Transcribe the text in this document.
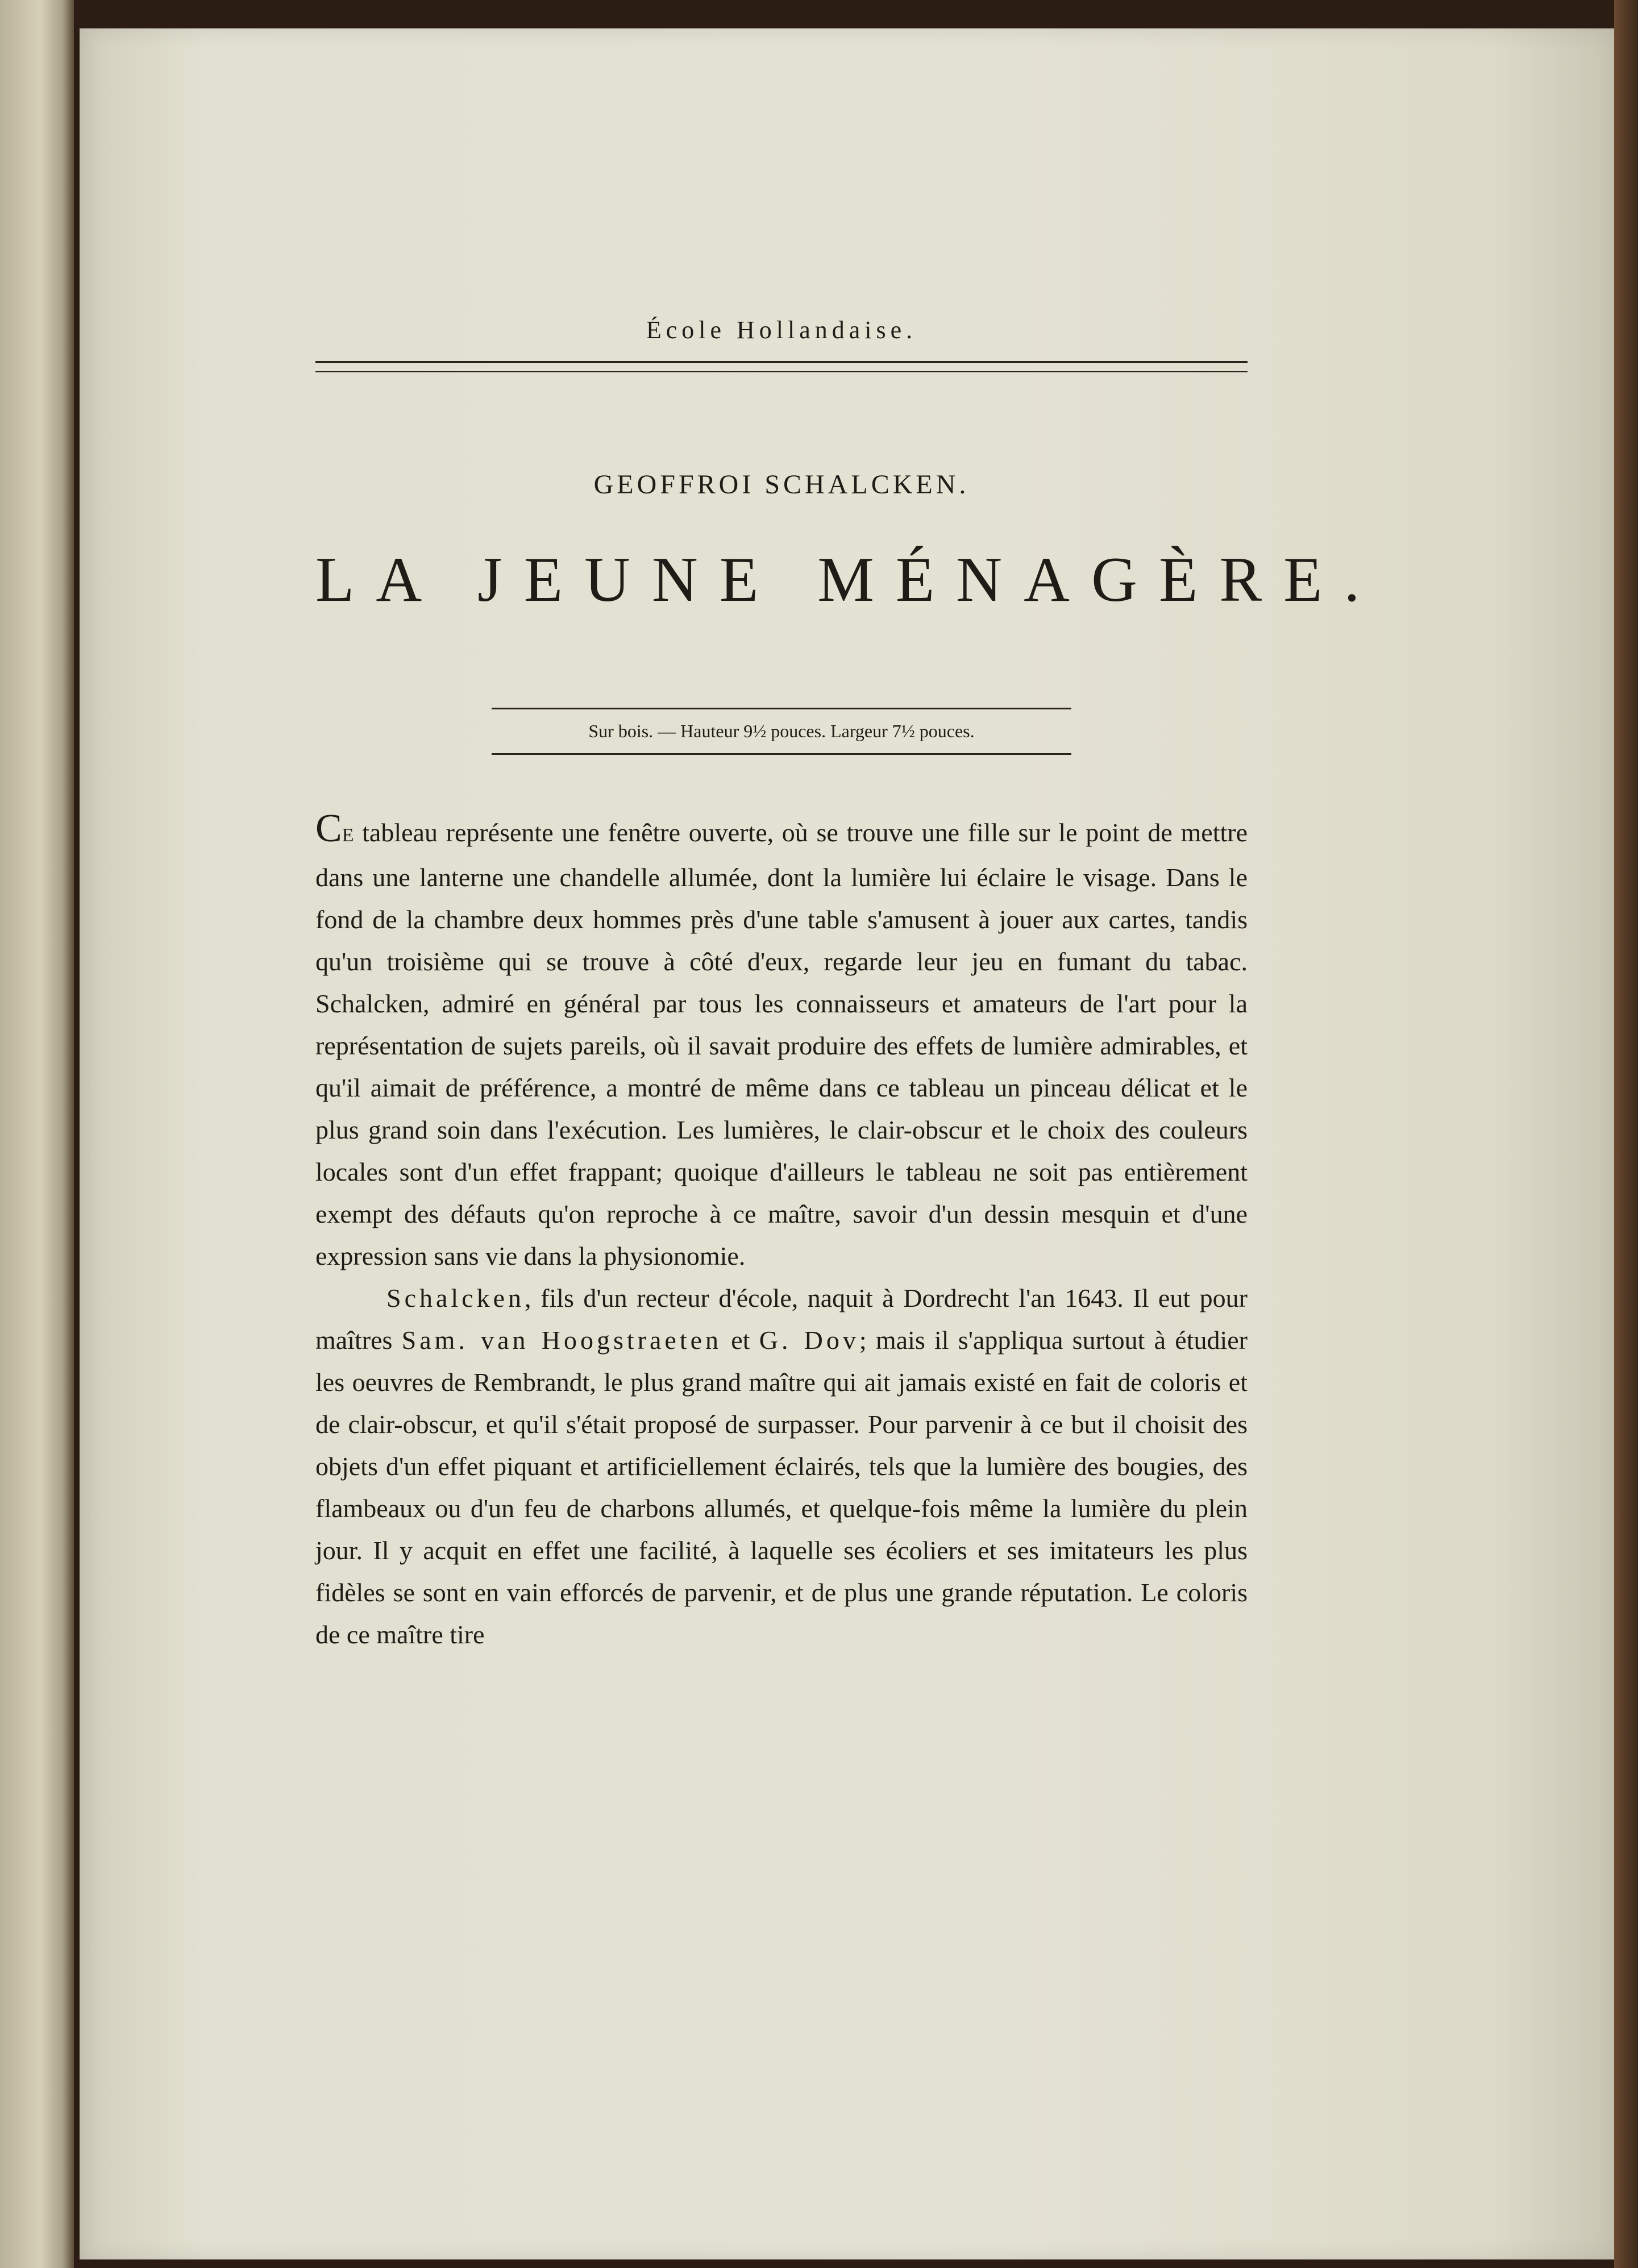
École Hollandaise.
GEOFFROI SCHALCKEN.
LA JEUNE MÉNAGÈRE.
Sur bois. — Hauteur 9½ pouces. Largeur 7½ pouces.

CE tableau représente une fenêtre ouverte, où se trouve une fille sur le point de mettre dans une lanterne une chandelle allumée, dont la lumière lui éclaire le visage. Dans le fond de la chambre deux hommes près d'une table s'amusent à jouer aux cartes, tandis qu'un troisième qui se trouve à côté d'eux, regarde leur jeu en fumant du tabac. Schalcken, admiré en général par tous les connaisseurs et amateurs de l'art pour la représentation de sujets pareils, où il savait produire des effets de lumière admirables, et qu'il aimait de préférence, a montré de même dans ce tableau un pinceau délicat et le plus grand soin dans l'exécution. Les lumières, le clair-obscur et le choix des couleurs locales sont d'un effet frappant; quoique d'ailleurs le tableau ne soit pas entièrement exempt des défauts qu'on reproche à ce maître, savoir d'un dessin mesquin et d'une expression sans vie dans la physionomie.

Schalcken, fils d'un recteur d'école, naquit à Dordrecht l'an 1643. Il eut pour maîtres Sam. van Hoogstraeten et G. Dov; mais il s'appliqua surtout à étudier les oeuvres de Rembrandt, le plus grand maître qui ait jamais existé en fait de coloris et de clair-obscur, et qu'il s'était proposé de surpasser. Pour parvenir à ce but il choisit des objets d'un effet piquant et artificiellement éclairés, tels que la lumière des bougies, des flambeaux ou d'un feu de charbons allumés, et quelque-fois même la lumière du plein jour. Il y acquit en effet une facilité, à laquelle ses écoliers et ses imitateurs les plus fidèles se sont en vain efforcés de parvenir, et de plus une grande réputation. Le coloris de ce maître tire
